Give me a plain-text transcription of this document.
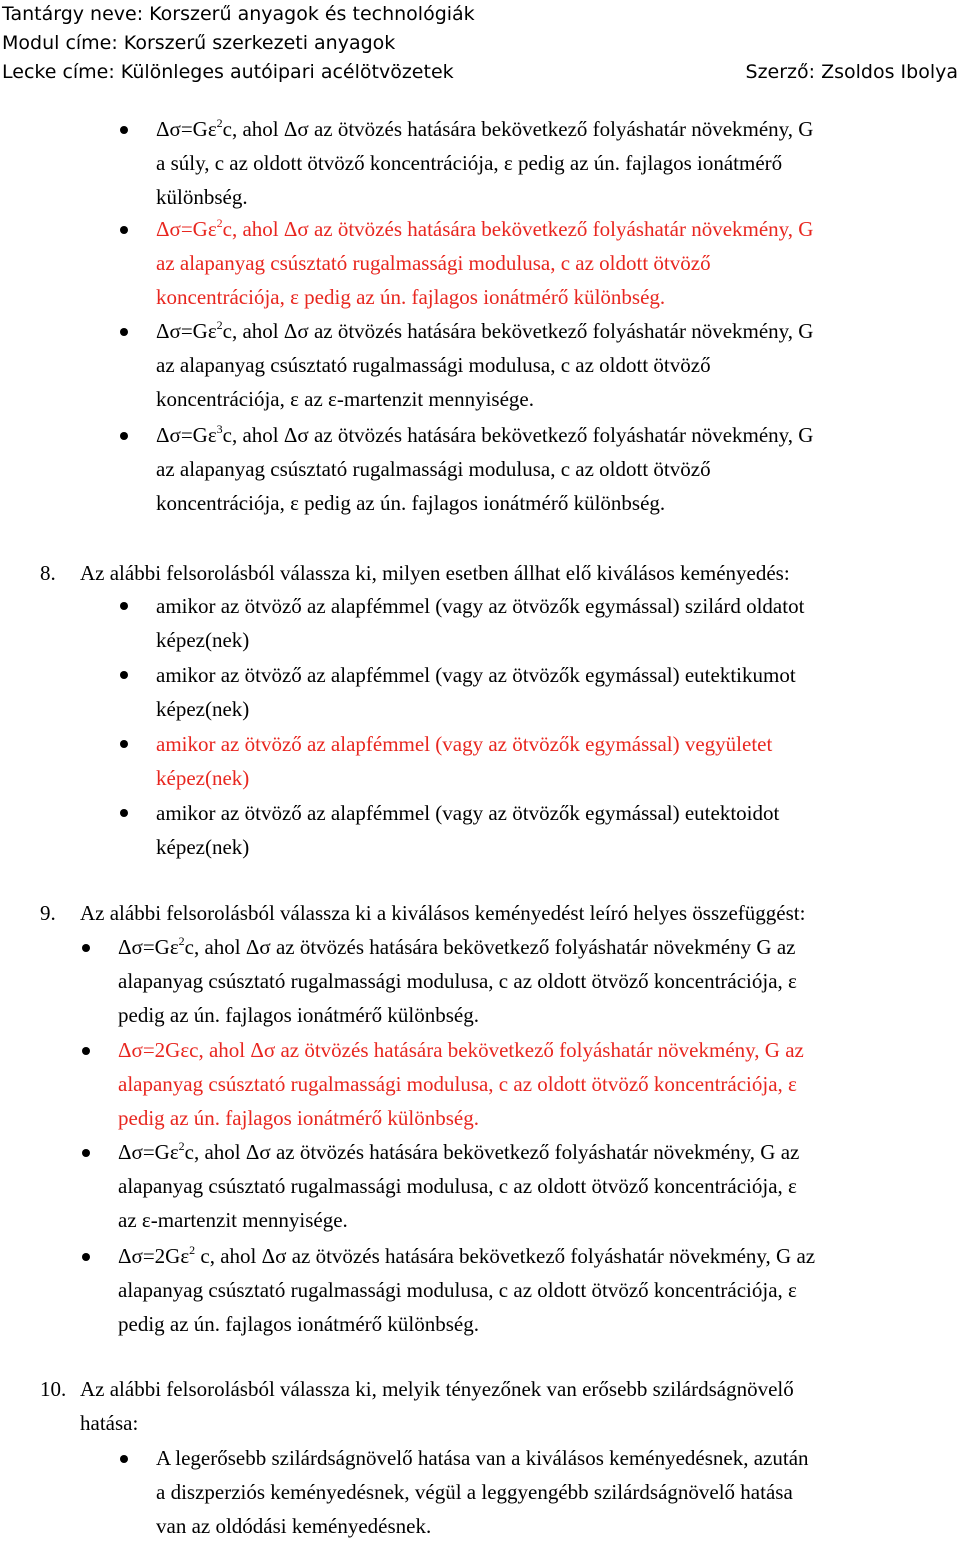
Tantárgy neve: Korszerű anyagok és technológiák
Modul címe: Korszerű szerkezeti anyagok
Lecke címe: Különleges autóipari acélötvözetek	Szerző: Zsoldos Ibolya
$\Delta\sigma=G\varepsilon^2c$, ahol Δσ az ötvözés hatására bekövetkező folyáshatár növekmény, G
a súly, c az oldott ötvöző koncentrációja, ε pedig az ún. fajlagos ionátmérő
különbség.
$\Delta\sigma=G\varepsilon^2c$, ahol Δσ az ötvözés hatására bekövetkező folyáshatár növekmény, G
az alapanyag csúsztató rugalmassági modulusa, c az oldott ötvöző
koncentrációja, ε pedig az ún. fajlagos ionátmérő különbség.
$\Delta\sigma=G\varepsilon^2c$, ahol Δσ az ötvözés hatására bekövetkező folyáshatár növekmény, G
az alapanyag csúsztató rugalmassági modulusa, c az oldott ötvöző
koncentrációja, ε az ε-martenzit mennyisége.
$\Delta\sigma=G\varepsilon^3c$, ahol Δσ az ötvözés hatására bekövetkező folyáshatár növekmény, G
az alapanyag csúsztató rugalmassági modulusa, c az oldott ötvöző
koncentrációja, ε pedig az ún. fajlagos ionátmérő különbség.
8. Az alábbi felsorolásból válassza ki, milyen esetben állhat elő kiválásos keményedés:
amikor az ötvöző az alapfémmel (vagy az ötvözők egymással) szilárd oldatot
képez(nek)
amikor az ötvöző az alapfémmel (vagy az ötvözők egymással) eutektikumot
képez(nek)
amikor az ötvöző az alapfémmel (vagy az ötvözők egymással) vegyületet
képez(nek)
amikor az ötvöző az alapfémmel (vagy az ötvözők egymással) eutektoidot
képez(nek)
9. Az alábbi felsorolásból válassza ki a kiválásos keményedést leíró helyes összefüggést:
$\Delta\sigma=G\varepsilon^2c$, ahol Δσ az ötvözés hatására bekövetkező folyáshatár növekmény G az
alapanyag csúsztató rugalmassági modulusa, c az oldott ötvöző koncentrációja, ε
pedig az ún. fajlagos ionátmérő különbség.
Δσ=2Gεc, ahol Δσ az ötvözés hatására bekövetkező folyáshatár növekmény, G az
alapanyag csúsztató rugalmassági modulusa, c az oldott ötvöző koncentrációja, ε
pedig az ún. fajlagos ionátmérő különbség.
$\Delta\sigma=G\varepsilon^2c$, ahol Δσ az ötvözés hatására bekövetkező folyáshatár növekmény, G az
alapanyag csúsztató rugalmassági modulusa, c az oldott ötvöző koncentrációja, ε
az ε-martenzit mennyisége.
$\Delta\sigma=2G\varepsilon^2$ c, ahol Δσ az ötvözés hatására bekövetkező folyáshatár növekmény, G az
alapanyag csúsztató rugalmassági modulusa, c az oldott ötvöző koncentrációja, ε
pedig az ún. fajlagos ionátmérő különbség.
10. Az alábbi felsorolásból válassza ki, melyik tényezőnek van erősebb szilárdságnövelő
hatása:
A legerősebb szilárdságnövelő hatása van a kiválásos keményedésnek, azután
a diszperziós keményedésnek, végül a leggyengébb szilárdságnövelő hatása
van az oldódási keményedésnek.
